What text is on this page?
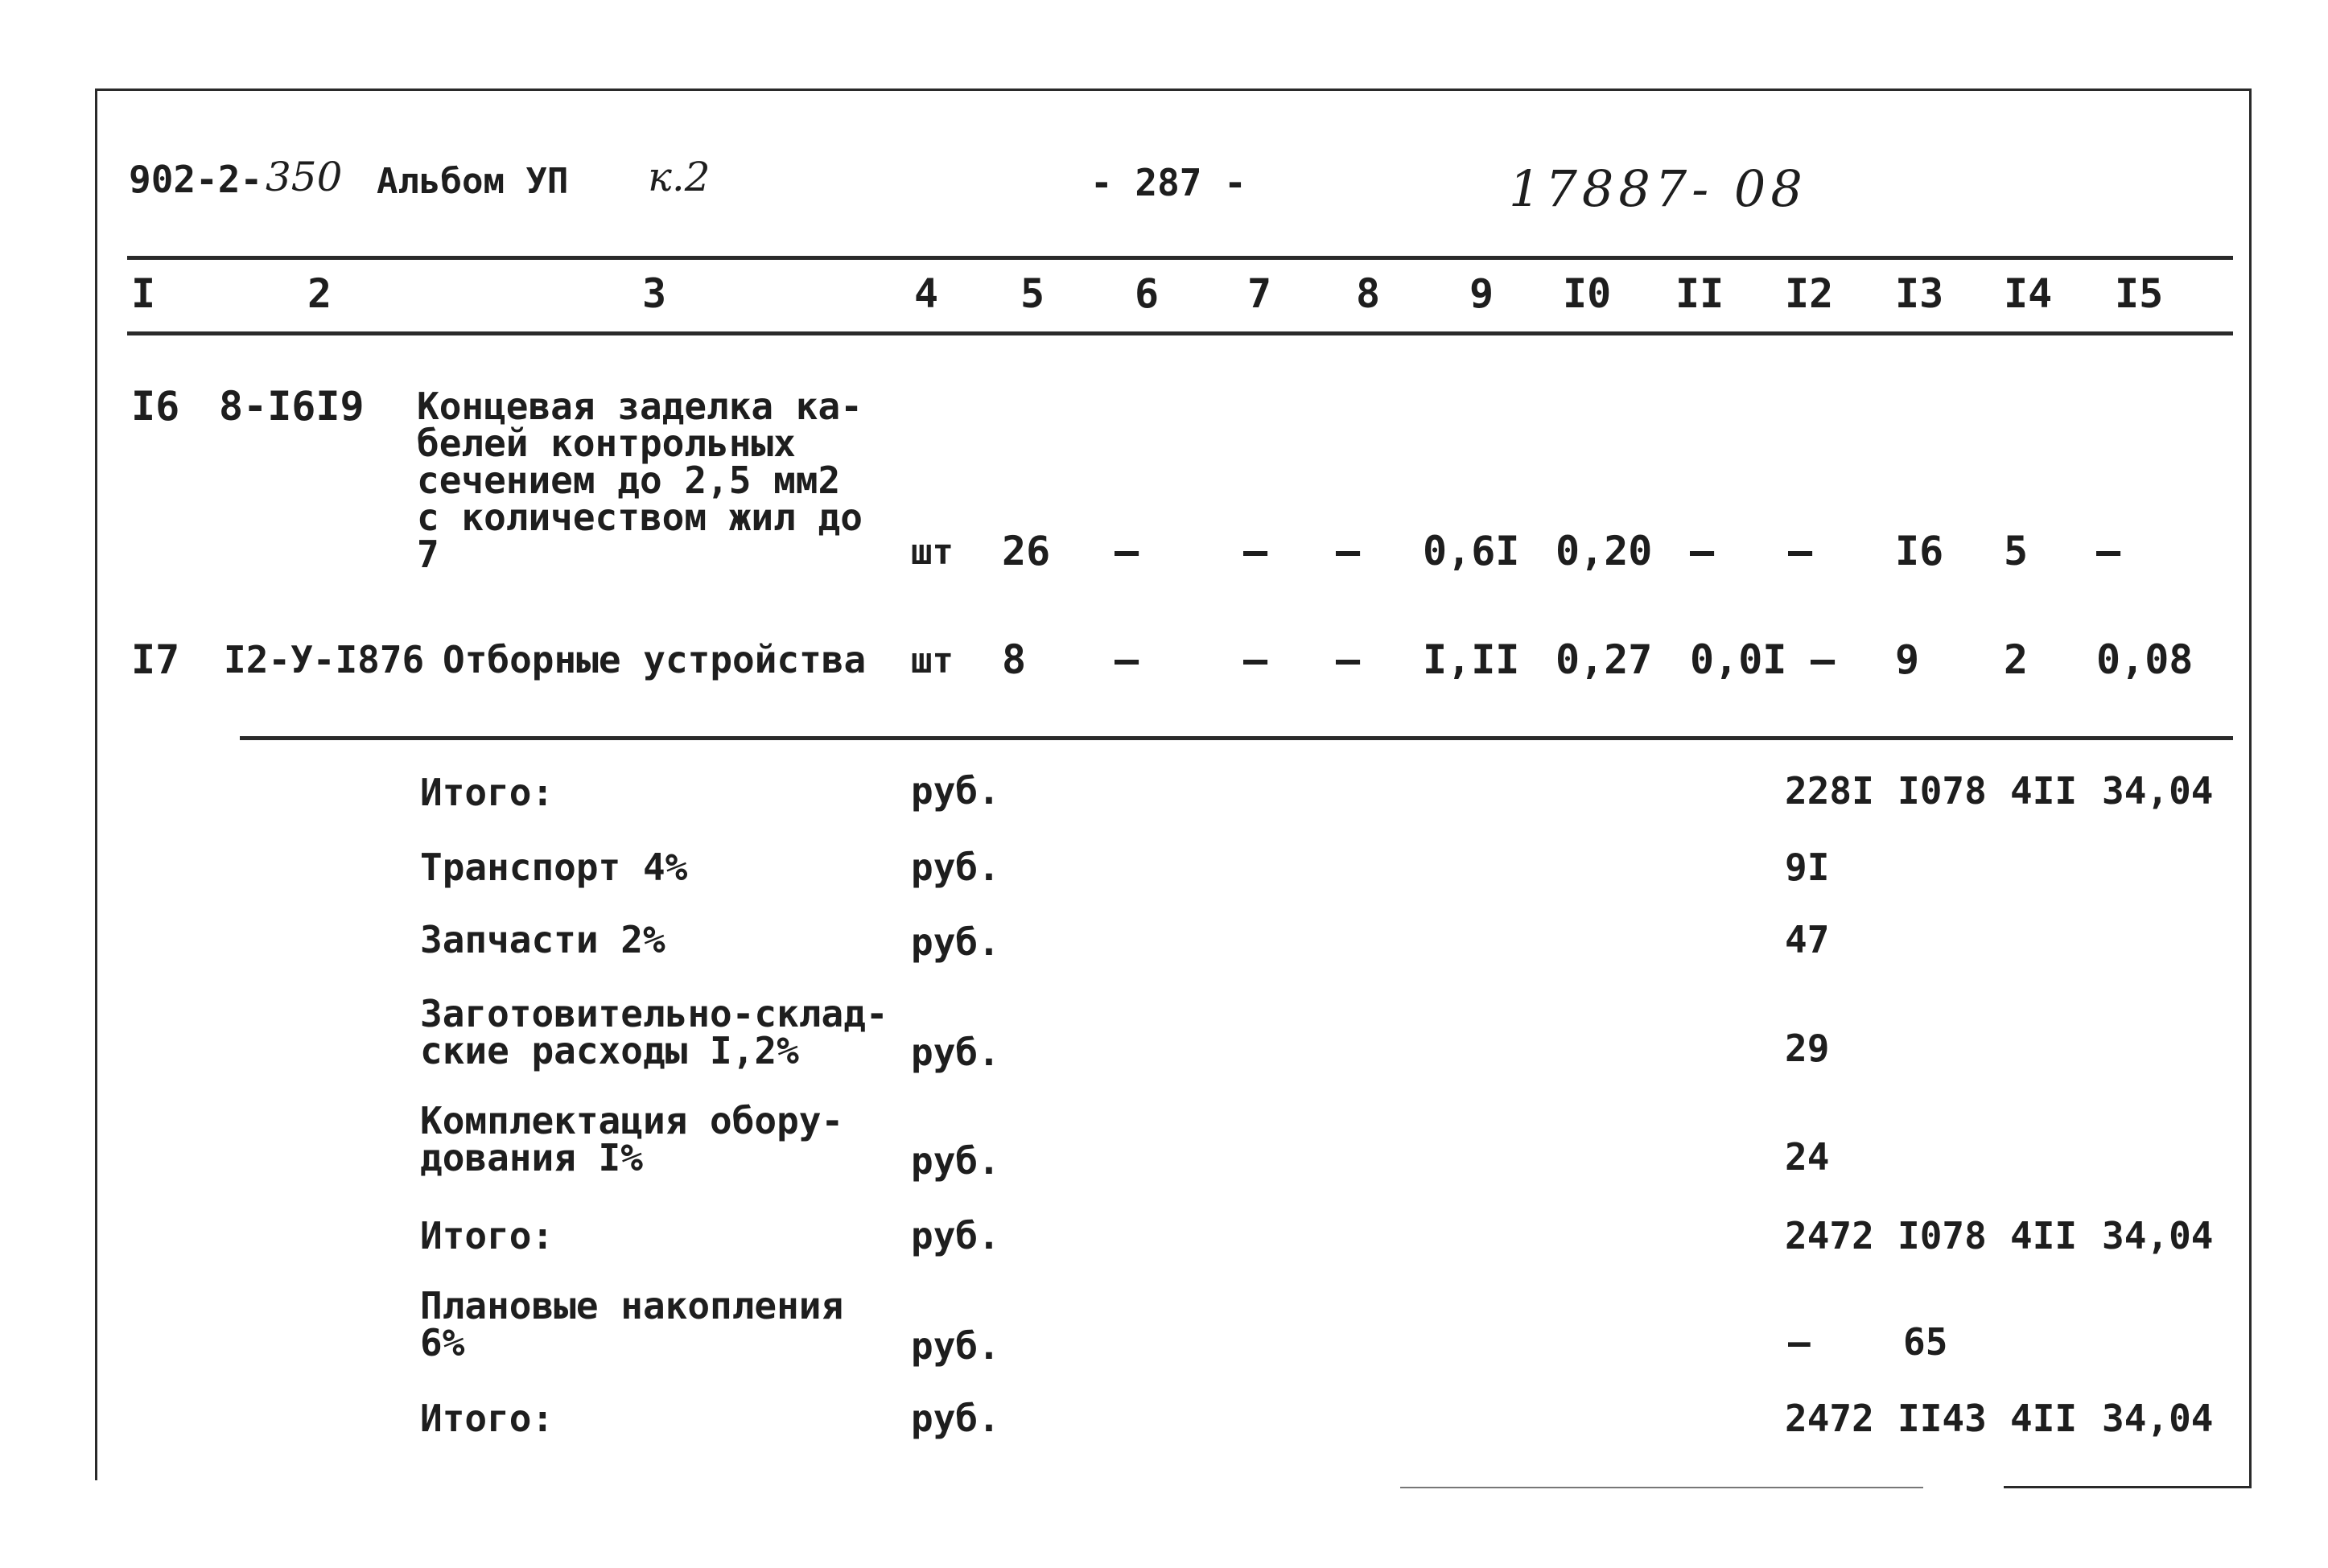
902-2- 350 Альбом УП к.2	- 287 -	17887- 08
I	2	3	4 5 6 7 8 9 I0 II I2 I3 I4 I5
I6 8-I6I9 Концевая заделка ка-
белей контрольных
сечением до 2,5 мм2
с количеством жил до
7	шт 26 –	– – 0,6I 0,20 – – I6 5 –
I7 I2-У-I876 Отборные устройства шт 8 –	– – I,II 0,27 0,0I – 9 2 0,08
Итого:	руб.	228I I078 4II 34,04
Транспорт 4%	руб.	9I
Запчасти 2%	руб.	47
Заготовительно-склад-
ские расходы I,2%	руб.	29
Комплектация обору-
дования I%	руб.	24
Итого:	руб.	2472 I078 4II 34,04
Плановые накопления
6%	руб.	–	65
Итого:	руб.	2472 II43 4II 34,04
